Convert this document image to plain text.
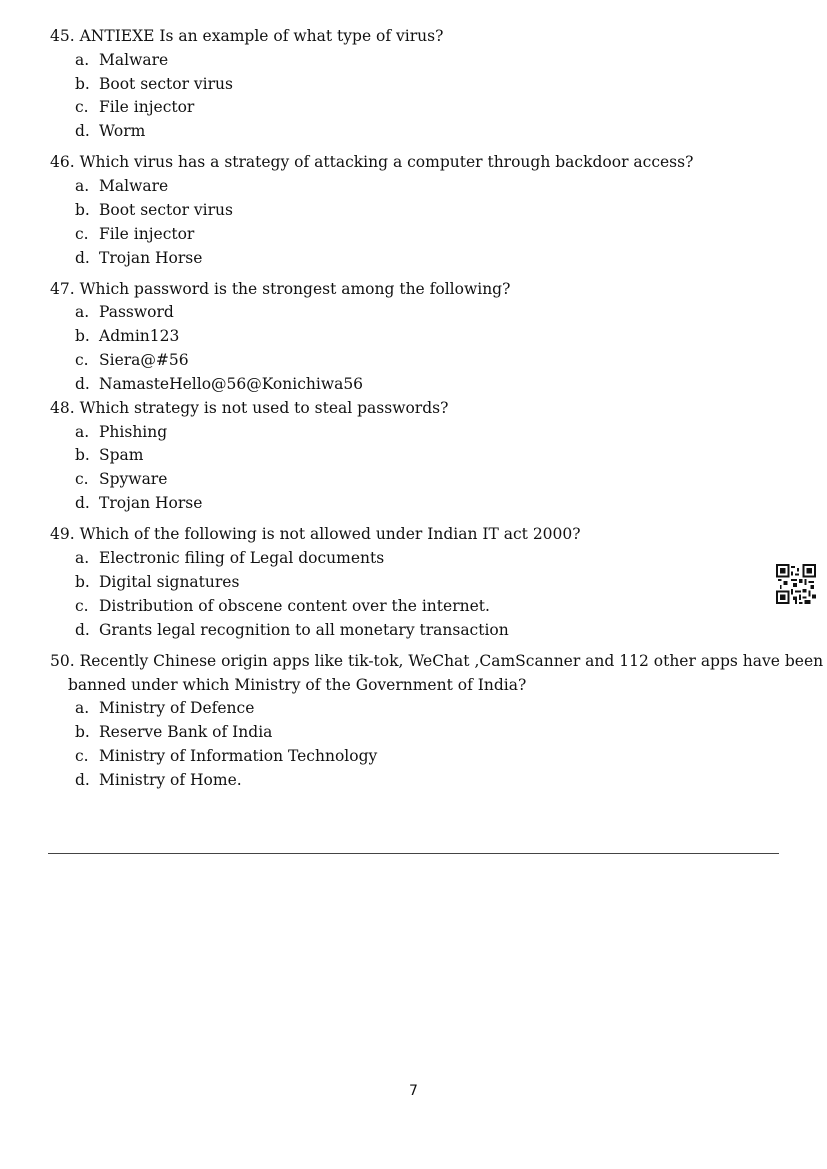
45. ANTIEXE Is an example of what type of virus?
a. Malware
b. Boot sector virus
c. File injector
d. Worm
46. Which virus has a strategy of attacking a computer through backdoor access?
a. Malware
b. Boot sector virus
c. File injector
d. Trojan Horse
47. Which password is the strongest among the following?
a. Password
b. Admin123
c. Siera@#56
d. NamasteHello@56@Konichiwa56
48. Which strategy is not used to steal passwords?
a. Phishing
b. Spam
c. Spyware
d. Trojan Horse
49. Which of the following is not allowed under Indian IT act 2000?
a. Electronic filing of Legal documents
b. Digital signatures
c. Distribution of obscene content over the internet.
d. Grants legal recognition to all monetary transaction
50. Recently Chinese origin apps like tik-tok, WeChat ,CamScanner and 112 other apps have been
banned under which Ministry of the Government of India?
a. Ministry of Defence
b. Reserve Bank of India
c. Ministry of Information Technology
d. Ministry of Home.
7
